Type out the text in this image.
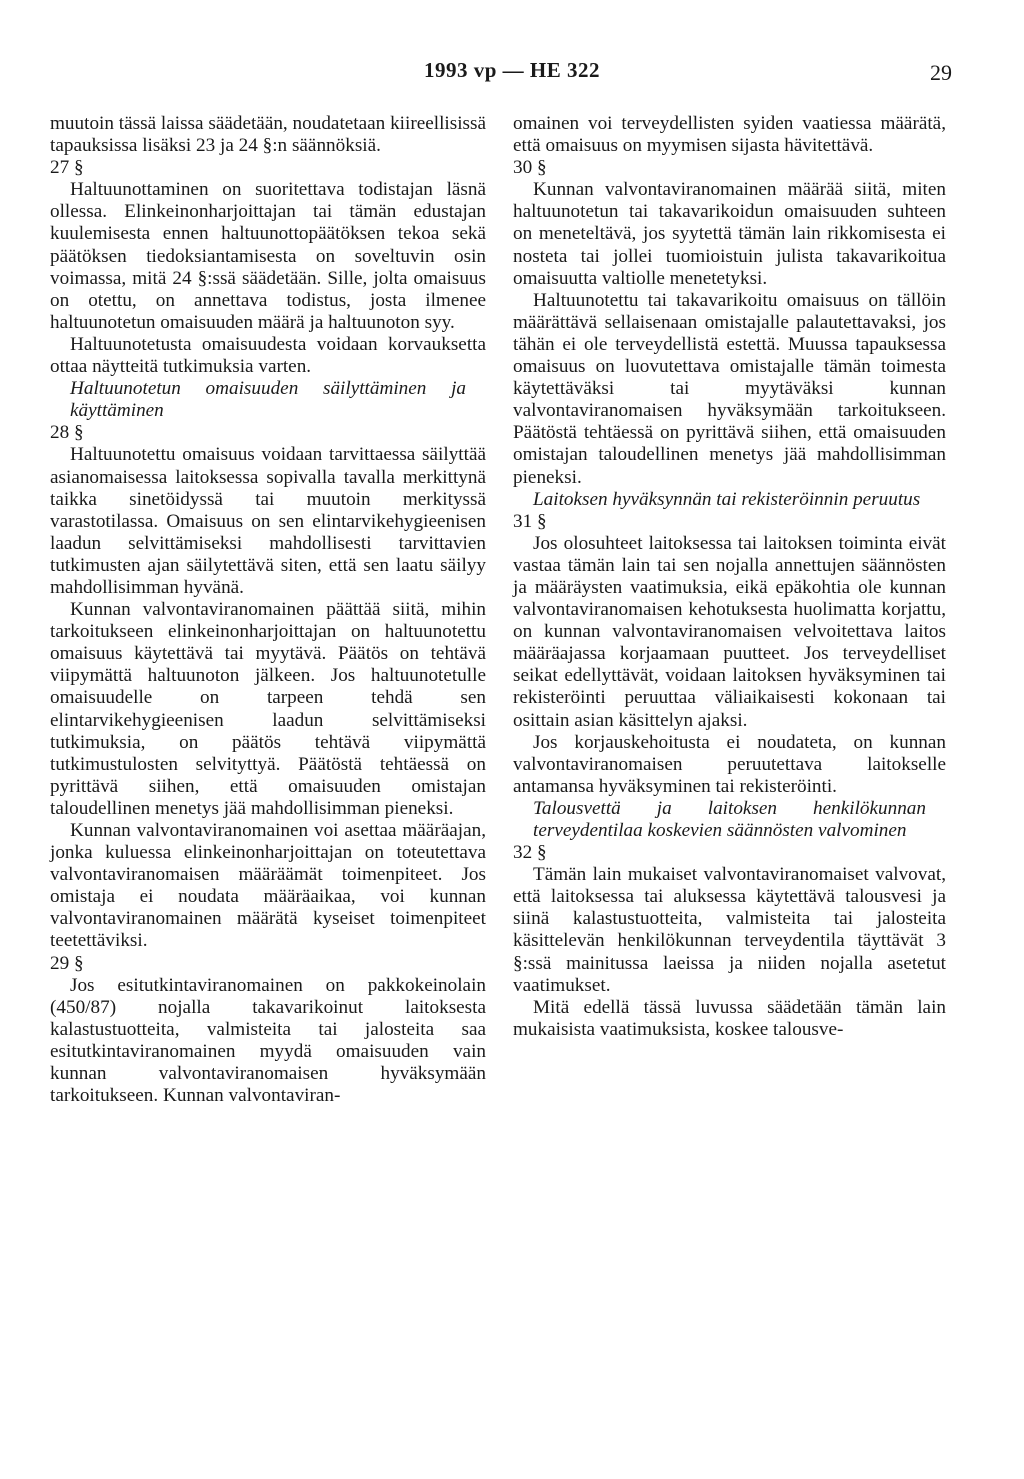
1993 vp — HE 322	29

muutoin tässä laissa säädetään, noudatetaan kiireellisissä tapauksissa lisäksi 23 ja 24 §:n säännöksiä.

27 §

Haltuunottaminen on suoritettava todistajan läsnä ollessa. Elinkeinonharjoittajan tai tämän edustajan kuulemisesta ennen haltuunottopäätöksen tekoa sekä päätöksen tiedoksiantamisesta on soveltuvin osin voimassa, mitä 24 §:ssä säädetään. Sille, jolta omaisuus on otettu, on annettava todistus, josta ilmenee haltuunotetun omaisuuden määrä ja haltuunoton syy.

Haltuunotetusta omaisuudesta voidaan korvauksetta ottaa näytteitä tutkimuksia varten.

Haltuunotetun omaisuuden säilyttäminen ja käyttäminen

28 §

Haltuunotettu omaisuus voidaan tarvittaessa säilyttää asianomaisessa laitoksessa sopivalla tavalla merkittynä taikka sinetöidyssä tai muutoin merkityssä varastotilassa. Omaisuus on sen elintarvikehygieenisen laadun selvittämiseksi mahdollisesti tarvittavien tutkimusten ajan säilytettävä siten, että sen laatu säilyy mahdollisimman hyvänä.

Kunnan valvontaviranomainen päättää siitä, mihin tarkoitukseen elinkeinonharjoittajan on haltuunotettu omaisuus käytettävä tai myytävä. Päätös on tehtävä viipymättä haltuunoton jälkeen. Jos haltuunotetulle omaisuudelle on tarpeen tehdä sen elintarvikehygieenisen laadun selvittämiseksi tutkimuksia, on päätös tehtävä viipymättä tutkimustulosten selvityttyä. Päätöstä tehtäessä on pyrittävä siihen, että omaisuuden omistajan taloudellinen menetys jää mahdollisimman pieneksi.

Kunnan valvontaviranomainen voi asettaa määräajan, jonka kuluessa elinkeinonharjoittajan on toteutettava valvontaviranomaisen määräämät toimenpiteet. Jos omistaja ei noudata määräaikaa, voi kunnan valvontaviranomainen määrätä kyseiset toimenpiteet teetettäviksi.

29 §

Jos esitutkintaviranomainen on pakkokeinolain (450/87) nojalla takavarikoinut laitoksesta kalastustuotteita, valmisteita tai jalosteita saa esitutkintaviranomainen myydä omaisuuden vain kunnan valvontaviranomaisen hyväksymään tarkoitukseen. Kunnan valvontaviran-

omainen voi terveydellisten syiden vaatiessa määrätä, että omaisuus on myymisen sijasta hävitettävä.

30 §

Kunnan valvontaviranomainen määrää siitä, miten haltuunotetun tai takavarikoidun omaisuuden suhteen on meneteltävä, jos syytettä tämän lain rikkomisesta ei nosteta tai jollei tuomioistuin julista takavarikoitua omaisuutta valtiolle menetetyksi.

Haltuunotettu tai takavarikoitu omaisuus on tällöin määrättävä sellaisenaan omistajalle palautettavaksi, jos tähän ei ole terveydellistä estettä. Muussa tapauksessa omaisuus on luovutettava omistajalle tämän toimesta käytettäväksi tai myytäväksi kunnan valvontaviranomaisen hyväksymään tarkoitukseen. Päätöstä tehtäessä on pyrittävä siihen, että omaisuuden omistajan taloudellinen menetys jää mahdollisimman pieneksi.

Laitoksen hyväksynnän tai rekisteröinnin peruutus

31 §

Jos olosuhteet laitoksessa tai laitoksen toiminta eivät vastaa tämän lain tai sen nojalla annettujen säännösten ja määräysten vaatimuksia, eikä epäkohtia ole kunnan valvontaviranomaisen kehotuksesta huolimatta korjattu, on kunnan valvontaviranomaisen velvoitettava laitos määräajassa korjaamaan puutteet. Jos terveydelliset seikat edellyttävät, voidaan laitoksen hyväksyminen tai rekisteröinti peruuttaa väliaikaisesti kokonaan tai osittain asian käsittelyn ajaksi.

Jos korjauskehoitusta ei noudateta, on kunnan valvontaviranomaisen peruutettava laitokselle antamansa hyväksyminen tai rekisteröinti.

Talousvettä ja laitoksen henkilökunnan terveydentilaa koskevien säännösten valvominen

32 §

Tämän lain mukaiset valvontaviranomaiset valvovat, että laitoksessa tai aluksessa käytettävä talousvesi ja siinä kalastustuotteita, valmisteita tai jalosteita käsittelevän henkilökunnan terveydentila täyttävät 3 §:ssä mainitussa laeissa ja niiden nojalla asetetut vaatimukset.

Mitä edellä tässä luvussa säädetään tämän lain mukaisista vaatimuksista, koskee talousve-
